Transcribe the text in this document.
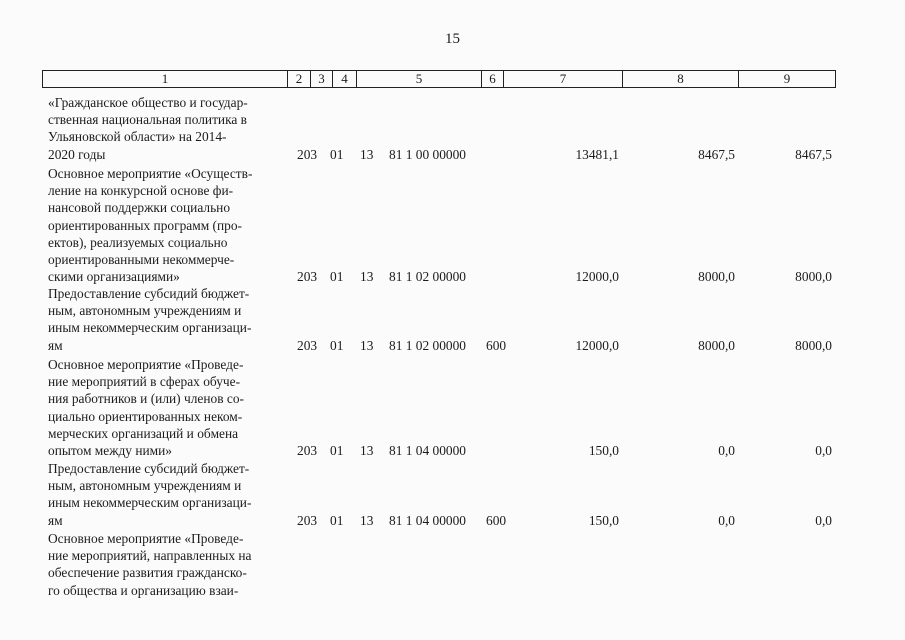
15
1	2	3	4	5	6	7	8	9
«Гражданское общество и государ-
ственная национальная политика в
Ульяновской области» на 2014-
2020 годы	203 01 13 81 1 00 00000	13481,1	8467,5	8467,5
Основное мероприятие «Осуществ-
ление на конкурсной основе фи-
нансовой поддержки социально
ориентированных программ (про-
ектов), реализуемых социально
ориентированными некоммерче-
скими организациями»	203 01 13 81 1 02 00000	12000,0	8000,0	8000,0
Предоставление субсидий бюджет-
ным, автономным учреждениям и
иным некоммерческим организаци-
ям	203 01 13 81 1 02 00000 600	12000,0	8000,0	8000,0
Основное мероприятие «Проведе-
ние мероприятий в сферах обуче-
ния работников и (или) членов со-
циально ориентированных неком-
мерческих организаций и обмена
опытом между ними»	203 01 13 81 1 04 00000	150,0	0,0	0,0
Предоставление субсидий бюджет-
ным, автономным учреждениям и
иным некоммерческим организаци-
ям	203 01 13 81 1 04 00000 600	150,0	0,0	0,0
Основное мероприятие «Проведе-
ние мероприятий, направленных на
обеспечение развития гражданско-
го общества и организацию взаи-
